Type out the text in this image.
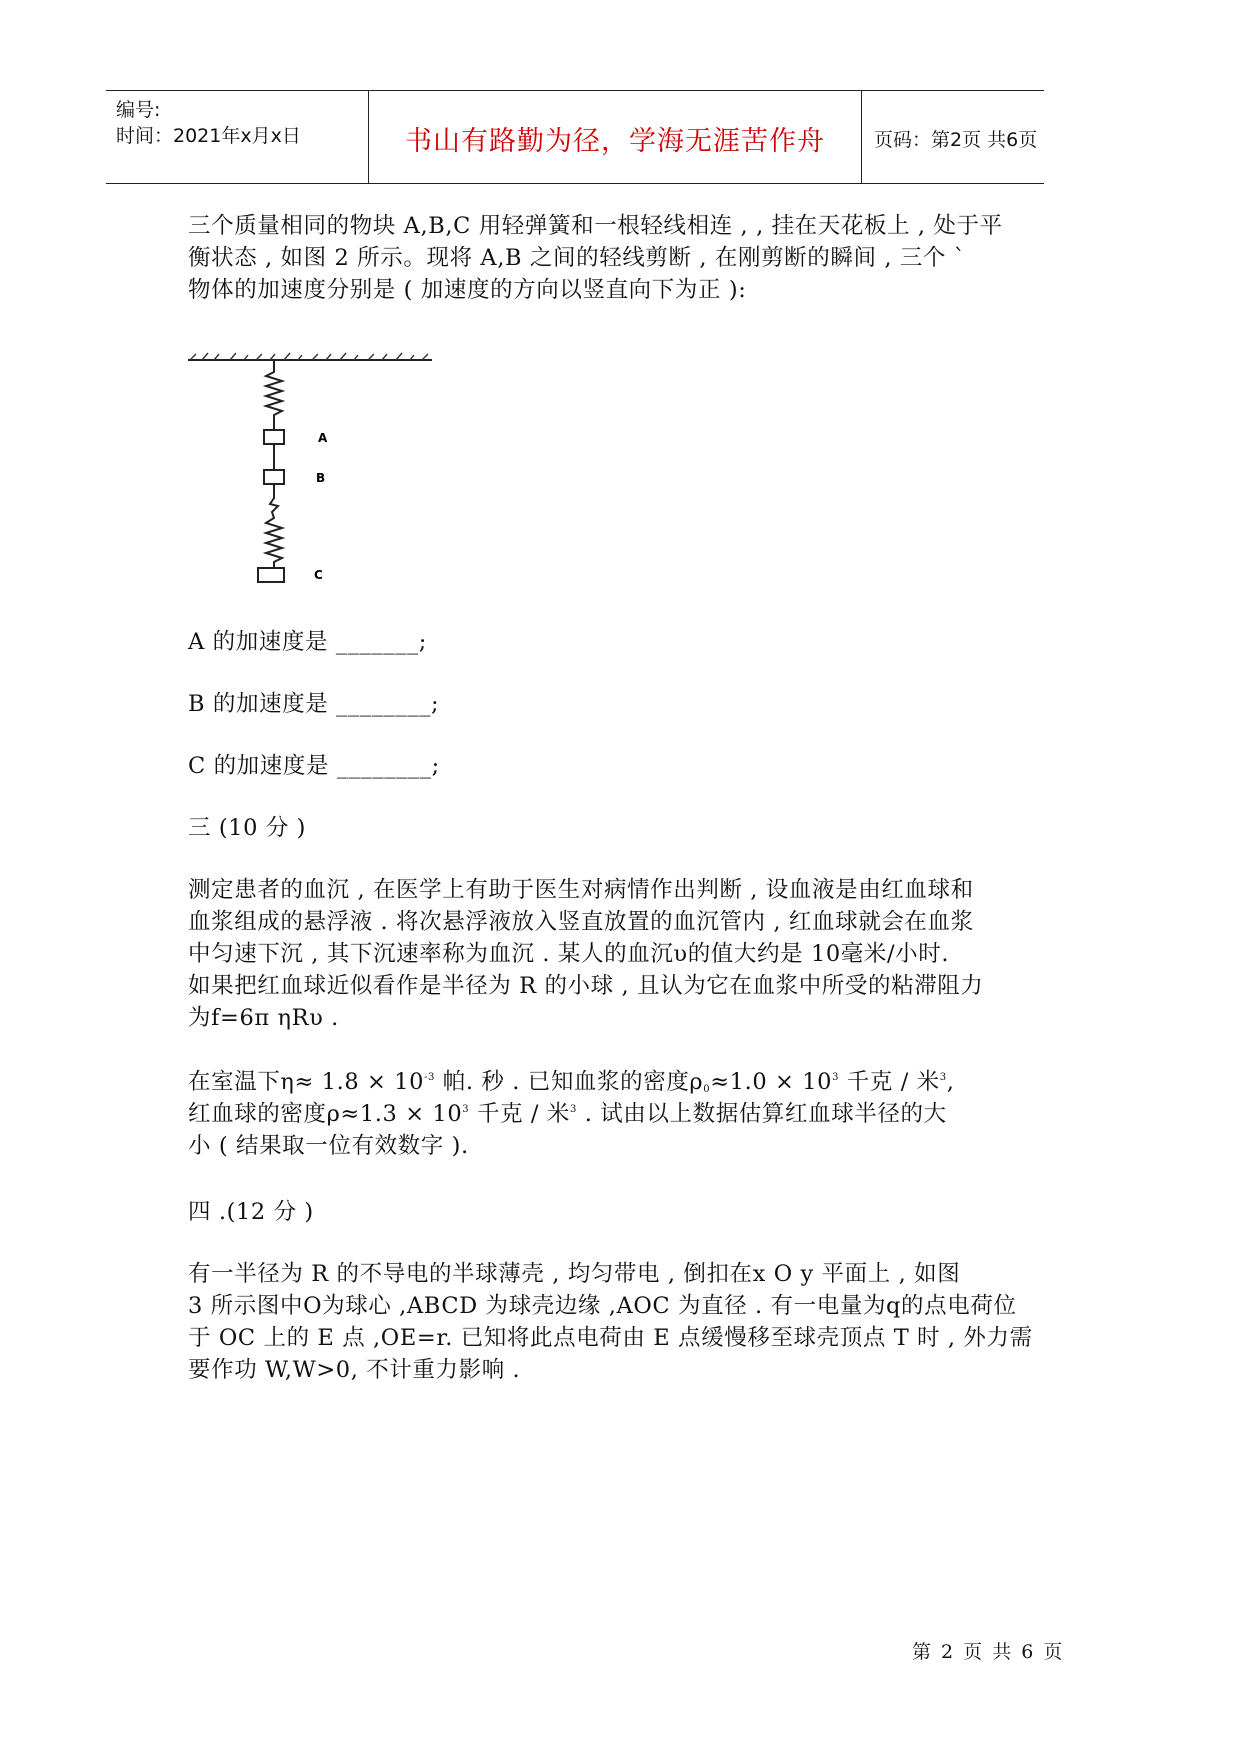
编号:
时间：2021年x月x日	书山有路勤为径，学海无涯苦作舟	页码：第2页 共6页

三个质量相同的物块 A,B,C 用轻弹簧和一根轻线相连 , , 挂在天花板上 , 处于平
衡状态 , 如图 2 所示。现将 A,B 之间的轻线剪断 , 在刚剪断的瞬间 , 三个 `
物体的加速度分别是 ( 加速度的方向以竖直向下为正 ):

A
B
C

A 的加速度是 _______;

B 的加速度是 ________;

C 的加速度是 ________;

三 (10 分 )

测定患者的血沉 , 在医学上有助于医生对病情作出判断 , 设血液是由红血球和
血浆组成的悬浮液 . 将次悬浮液放入竖直放置的血沉管内 , 红血球就会在血浆
中匀速下沉 , 其下沉速率称为血沉 . 某人的血沉υ的值大约是 10毫米/小时.
如果把红血球近似看作是半径为 R 的小球 , 且认为它在血浆中所受的粘滞阻力
为f=6π ηRυ .

在室温下$\eta\approx 1.8 \times 10^{-3}$ 帕. 秒 . 已知血浆的密度$\rho_0\approx 1.0 \times 10^3$ 千克 / 米$^3$,
红血球的密度$\rho\approx 1.3 \times 10^3$ 千克 / 米$^3$ . 试由以上数据估算红血球半径的大
小 ( 结果取一位有效数字 ).

四 .(12 分 )

有一半径为 R 的不导电的半球薄壳 , 均匀带电 , 倒扣在x O y 平面上 , 如图
3 所示图中O为球心 ,ABCD 为球壳边缘 ,AOC 为直径 . 有一电量为q的点电荷位
于 OC 上的 E 点 ,OE=r. 已知将此点电荷由 E 点缓慢移至球壳顶点 T 时 , 外力需
要作功 W,W>0, 不计重力影响 .

第 2 页 共 6 页
